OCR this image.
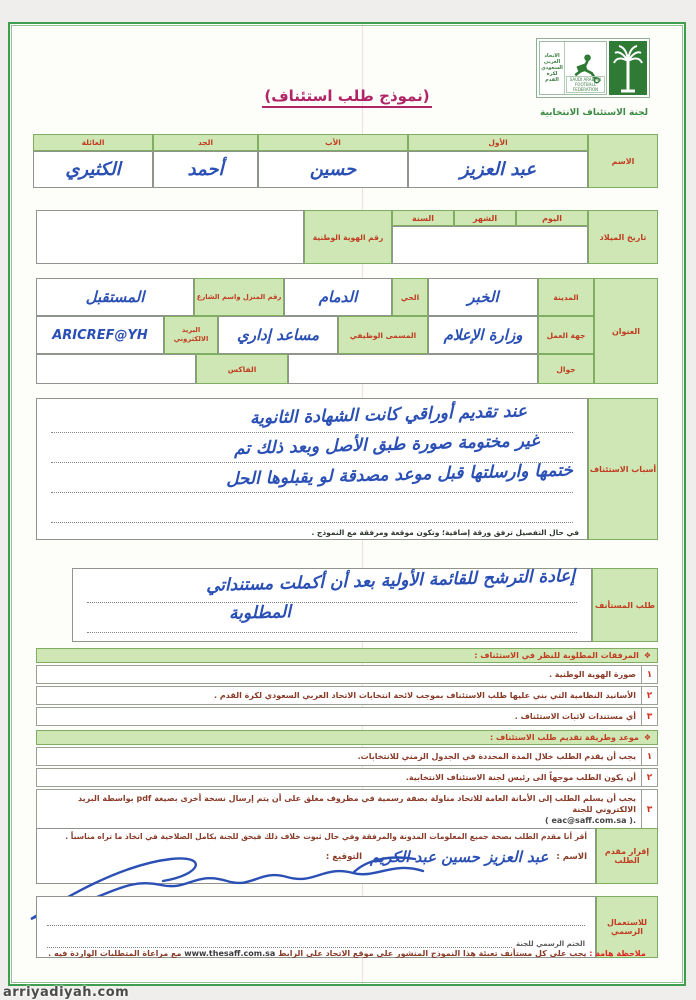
الاتحاد
العربي
السعودي
لكرة
القدم	SAUDI ARABIAN FOOTBALL FEDERATION
لجنة الاستئناف الانتخابية
(نموذج طلب استئناف)
الاسم
الأول
الأب
الجد
العائلة
عبد العزيز
حسين
أحمد
الكثيري
تاريخ الميلاد
اليوم
الشهر
السنة
رقم الهوية الوطنية
العنوان
المدينة
الخبر
الحي
الدمام
رقم المنزل واسم الشارع
المستقبل
جهة العمل
وزارة الإعلام
المسمى الوظيفي
مساعد إداري
البريد الالكتروني
ARICREF@YH
جوال
الفاكس
أسباب الاستئناف
عند تقديم أوراقي كانت الشهادة الثانوية
غير مختومة صورة طبق الأصل وبعد ذلك تم
ختمها وارسلتها قبل موعد مصدقة لو يقبلوها الحل
في حال التفصيل ترفق ورقة إضافية؛ وتكون موقعة ومرفقة مع النموذج .
طلب المستأنف
إعادة الترشح للقائمة الأولية بعد أن أكملت مستنداتي
المطلوبة
❖
المرفقات المطلوبة للنظر في الاستئناف :
١
صورة الهوية الوطنية .
٢
الأسانيد النظامية التي بني عليها طلب الاستئناف بموجب لائحة انتخابات الاتحاد العربي السعودي لكرة القدم .
٣
أي مستندات لاثبات الاستئناف .
❖
موعد وطريقة تقديم طلب الاستئناف :
١
يجب أن يقدم الطلب خلال المدة المحددة في الجدول الزمني للانتخابات.
٢
أن يكون الطلب موجهاً الى رئيس لجنة الاستئناف الانتخابية.
٣
يجب أن يسلم الطلب إلى الأمانة العامة للاتحاد مناولة بصفة رسمية في مظروف مغلق على أن يتم إرسال نسخة أخرى بصيغة pdf بواسطة البريد الالكتروني للجنة
( eac@saff.com.sa ).
إقرار مقدم
الطلب
أقر أنا مقدم الطلب بصحة جميع المعلومات المدونة والمرفقة وفي حال ثبوت خلاف ذلك فيحق للجنة بكامل الصلاحية في اتخاذ ما تراه مناسباً .
الاسم :
عبد العزيز حسين عبد الكريم
التوقيع :
للاستعمال
الرسمي
الختم الرسمي للجنة
ملاحظة هامة : يجب على كل مستأنف تعبئة هذا النموذج المنشور على موقع الاتحاد على الرابط www.thesaff.com.sa مع مراعاة المتطلبات الواردة فيه .
arriyadiyah.com
